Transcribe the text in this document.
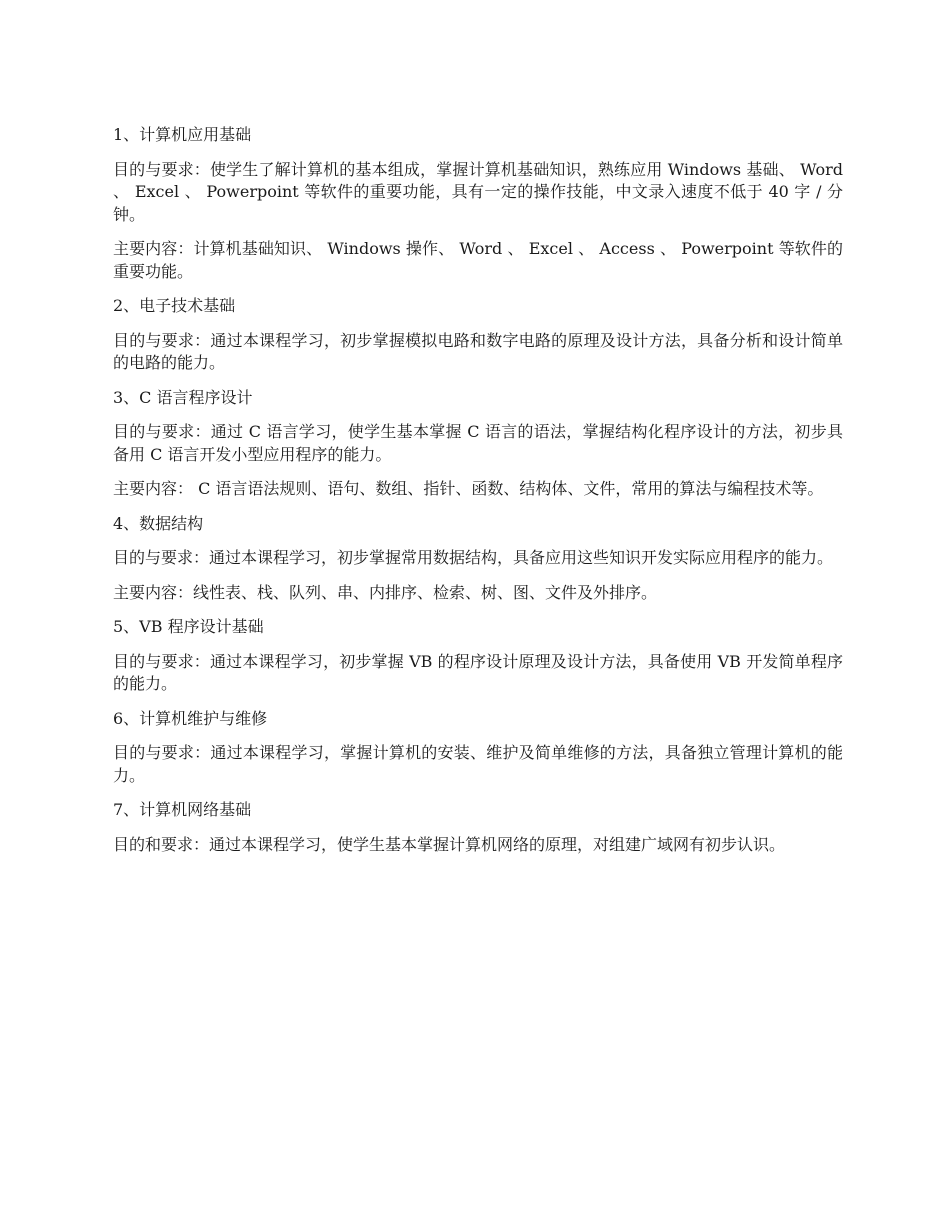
1、计算机应用基础

目的与要求：使学生了解计算机的基本组成，掌握计算机基础知识，熟练应用 Windows 基础、 Word 、 Excel 、 Powerpoint 等软件的重要功能，具有一定的操作技能，中文录入速度不低于 40 字 / 分钟。

主要内容：计算机基础知识、 Windows 操作、 Word 、 Excel 、 Access 、 Powerpoint 等软件的重要功能。

2、电子技术基础

目的与要求：通过本课程学习，初步掌握模拟电路和数字电路的原理及设计方法，具备分析和设计简单的电路的能力。

3、C 语言程序设计

目的与要求：通过 C 语言学习，使学生基本掌握 C 语言的语法，掌握结构化程序设计的方法，初步具备用 C 语言开发小型应用程序的能力。

主要内容： C 语言语法规则、语句、数组、指针、函数、结构体、文件，常用的算法与编程技术等。

4、数据结构

目的与要求：通过本课程学习，初步掌握常用数据结构，具备应用这些知识开发实际应用程序的能力。

主要内容：线性表、栈、队列、串、内排序、检索、树、图、文件及外排序。

5、VB 程序设计基础

目的与要求：通过本课程学习，初步掌握 VB 的程序设计原理及设计方法，具备使用 VB 开发简单程序的能力。

6、计算机维护与维修

目的与要求：通过本课程学习，掌握计算机的安装、维护及简单维修的方法，具备独立管理计算机的能力。

7、计算机网络基础

目的和要求：通过本课程学习，使学生基本掌握计算机网络的原理，对组建广域网有初步认识。
